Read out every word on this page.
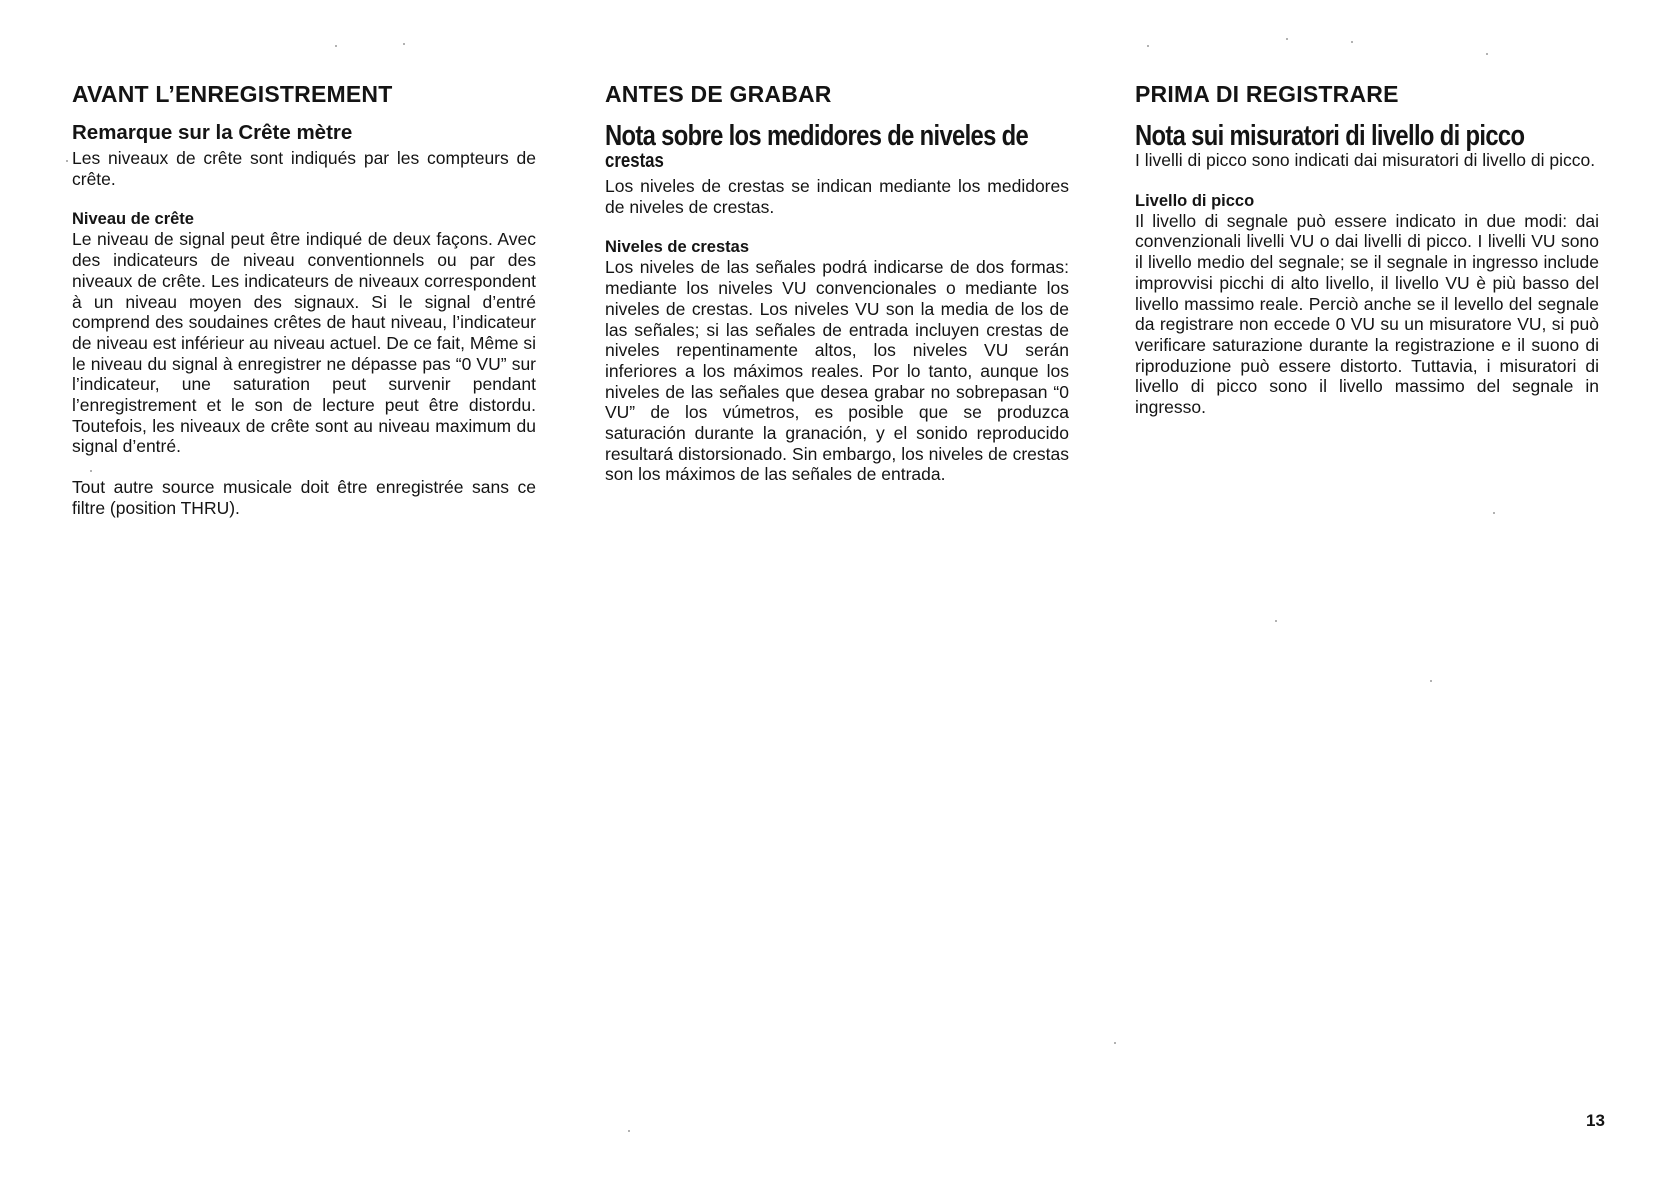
AVANT L’ENREGISTREMENT
Remarque sur la Crête mètre

Les niveaux de crête sont indiqués par les compteurs de crête.

Niveau de crête

Le niveau de signal peut être indiqué de deux façons. Avec des indicateurs de niveau conventionnels ou par des niveaux de crête. Les indicateurs de niveaux correspondent à un niveau moyen des signaux. Si le signal d’entré comprend des soudaines crêtes de haut niveau, l’indicateur de niveau est inférieur au niveau actuel. De ce fait, Même si le niveau du signal à enregistrer ne dépasse pas “0 VU” sur l’indicateur, une saturation peut survenir pendant l’enregistrement et le son de lecture peut être distordu. Toutefois, les niveaux de crête sont au niveau maximum du signal d’entré.

Tout autre source musicale doit être enregistrée sans ce filtre (position THRU).

ANTES DE GRABAR
Nota sobre los medidores de niveles de
crestas

Los niveles de crestas se indican mediante los medidores de niveles de crestas.

Niveles de crestas

Los niveles de las señales podrá indicarse de dos formas: mediante los niveles VU convencionales o mediante los niveles de crestas. Los niveles VU son la media de los de las señales; si las señales de entrada incluyen crestas de niveles repentinamente altos, los niveles VU serán inferiores a los máximos reales. Por lo tanto, aunque los niveles de las señales que desea grabar no sobrepasan “0 VU” de los vúmetros, es posible que se produzca saturación durante la granación, y el sonido reproducido resultará distorsionado. Sin embargo, los niveles de crestas son los máximos de las señales de entrada.

PRIMA DI REGISTRARE
Nota sui misuratori di livello di picco

I livelli di picco sono indicati dai misuratori di livello di picco.

Livello di picco

Il livello di segnale può essere indicato in due modi: dai convenzionali livelli VU o dai livelli di picco. I livelli VU sono il livello medio del segnale; se il segnale in ingresso include improvvisi picchi di alto livello, il livello VU è più basso del livello massimo reale. Perciò anche se il levello del segnale da registrare non eccede 0 VU su un misuratore VU, si può verificare saturazione durante la registrazione e il suono di riproduzione può essere distorto. Tuttavia, i misuratori di livello di picco sono il livello massimo del segnale in ingresso.

13
